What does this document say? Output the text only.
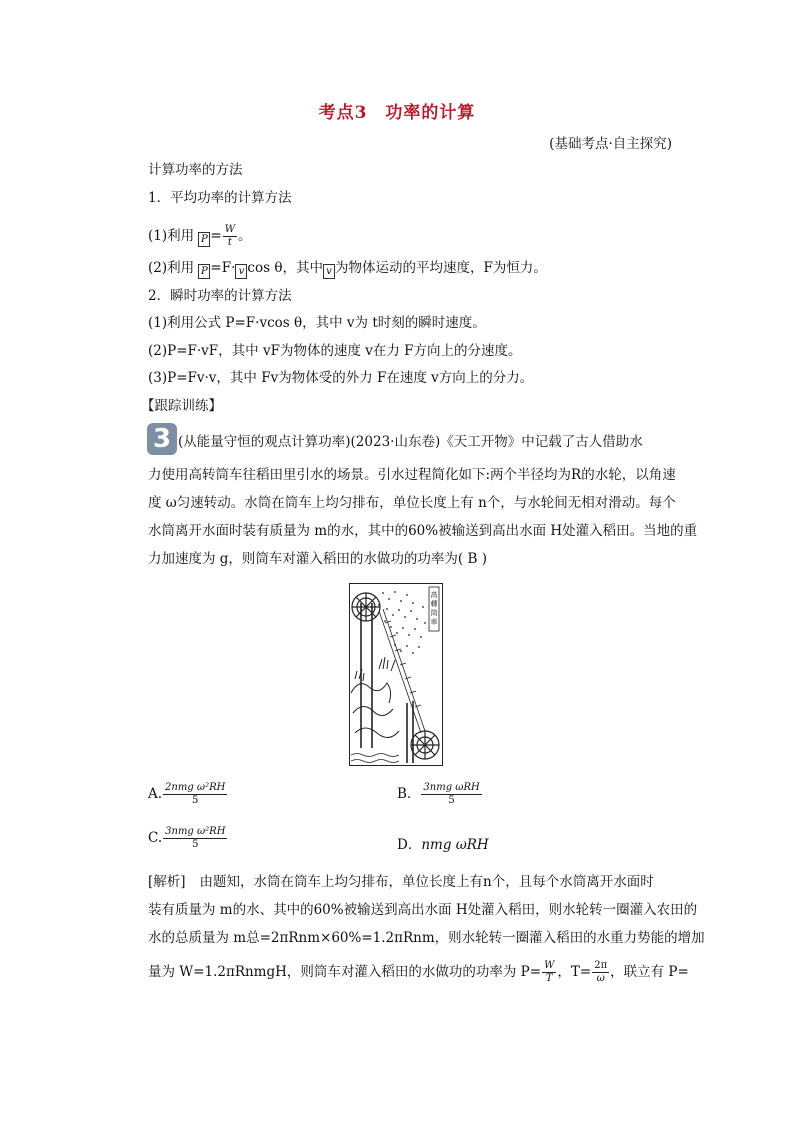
考点3 功率的计算
(基础考点·自主探究)
计算功率的方法
1．平均功率的计算方法
(1)利用 $P = \frac{W}{t}$ 。
(2)利用 P =F· v cos θ，其中 v 为物体运动的平均速度，F为恒力。
2．瞬时功率的计算方法
(1)利用公式 P=F·vcos θ，其中 v为 t时刻的瞬时速度。
(2)P=F·vF，其中 vF为物体的速度 v在力 F方向上的分速度。
(3)P=Fv·v，其中 Fv为物体受的外力 F在速度 v方向上的分力。
【跟踪训练】
3 (从能量守恒的观点计算功率)(2023·山东卷)《天工开物》中记载了古人借助水
力使用高转筒车往稻田里引水的场景。引水过程简化如下:两个半径均为R的水轮，以角速
度 ω匀速转动。水筒在筒车上均匀排布，单位长度上有 n个，与水轮间无相对滑动。每个
水筒离开水面时装有质量为 m的水，其中的60%被输送到高出水面 H处灌入稻田。当地的重
力加速度为 g，则筒车对灌入稻田的水做功的功率为( B )
高轉筒車
A. $\frac{\text{2nmg ω²RH}}{5}$	B． $\frac{\text{3nmg ωRH}}{5}$
C. $\frac{\text{3nmg ω²RH}}{5}$	D．nmg ωRH
[解析] 由题知，水筒在筒车上均匀排布，单位长度上有n个，且每个水筒离开水面时
装有质量为 m的水、其中的60%被输送到高出水面 H处灌入稻田，则水轮转一圈灌入农田的
水的总质量为 m总=2πRnm×60%=1.2πRnm，则水轮转一圈灌入稻田的水重力势能的增加
量为 W=1.2πRnmgH，则筒车对灌入稻田的水做功的功率为 $P= \frac{W}{T}$ ，$T= \frac{2\pi}{\omega}$ ，联立有 P=
